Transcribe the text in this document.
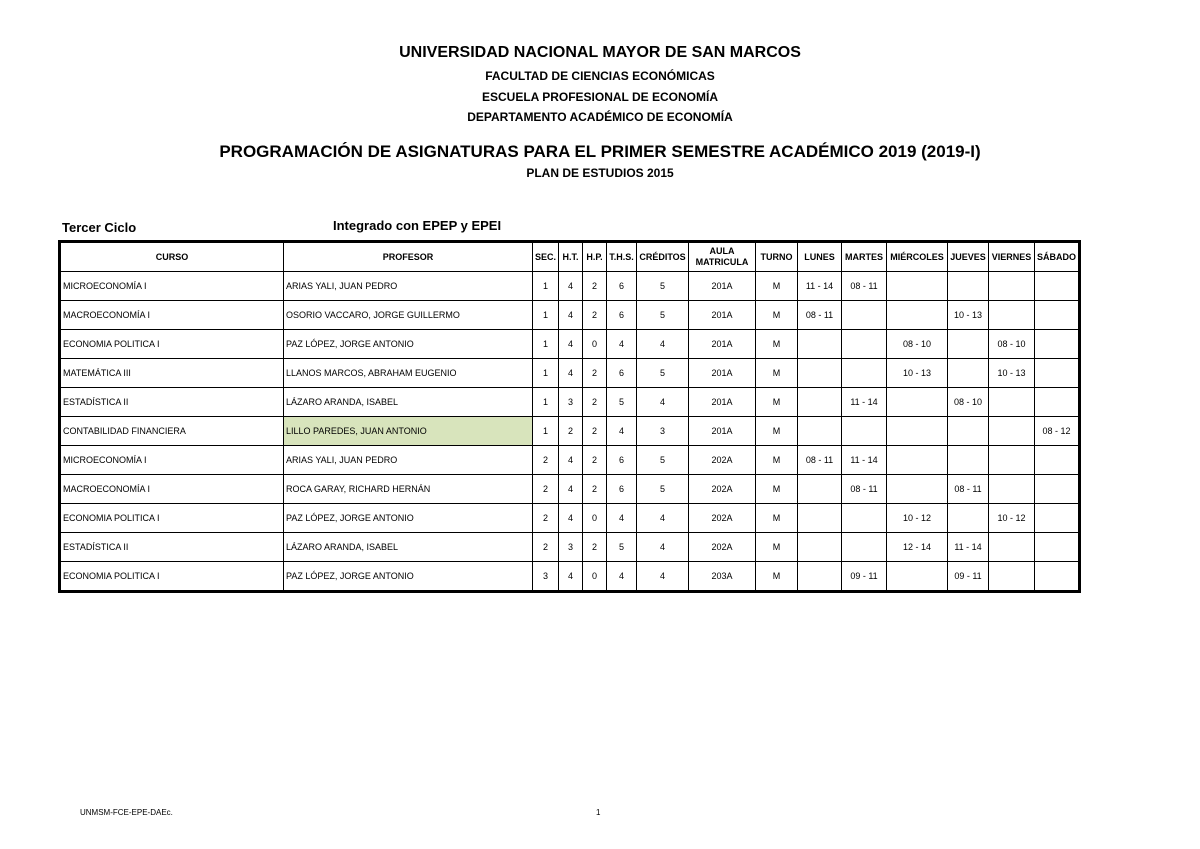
UNIVERSIDAD NACIONAL MAYOR DE SAN MARCOS
FACULTAD DE CIENCIAS ECONÓMICAS
ESCUELA PROFESIONAL DE ECONOMÍA
DEPARTAMENTO ACADÉMICO DE ECONOMÍA
PROGRAMACIÓN DE ASIGNATURAS PARA EL PRIMER SEMESTRE ACADÉMICO 2019 (2019-I)
PLAN DE ESTUDIOS 2015
Tercer Ciclo	Integrado con EPEP y EPEI
CURSO	PROFESOR	SEC.	H.T.	H.P.	T.H.S.	CRÉDITOS	AULA MATRICULA	TURNO	LUNES	MARTES	MIÉRCOLES	JUEVES	VIERNES	SÁBADO
MICROECONOMÍA I	ARIAS YALI, JUAN PEDRO	1	4	2	6	5	201A	M	11 - 14	08 - 11				
MACROECONOMÍA I	OSORIO VACCARO, JORGE GUILLERMO	1	4	2	6	5	201A	M	08 - 11			10 - 13		
ECONOMIA POLITICA I	PAZ LÓPEZ, JORGE ANTONIO	1	4	0	4	4	201A	M			08 - 10		08 - 10	
MATEMÁTICA III	LLANOS MARCOS, ABRAHAM EUGENIO	1	4	2	6	5	201A	M			10 - 13		10 - 13	
ESTADÍSTICA II	LÁZARO ARANDA, ISABEL	1	3	2	5	4	201A	M		11 - 14		08 - 10		
CONTABILIDAD FINANCIERA	LILLO PAREDES, JUAN ANTONIO	1	2	2	4	3	201A	M						08 - 12
MICROECONOMÍA I	ARIAS YALI, JUAN PEDRO	2	4	2	6	5	202A	M	08 - 11	11 - 14				
MACROECONOMÍA I	ROCA GARAY, RICHARD HERNÁN	2	4	2	6	5	202A	M		08 - 11		08 - 11		
ECONOMIA POLITICA I	PAZ LÓPEZ, JORGE ANTONIO	2	4	0	4	4	202A	M			10 - 12		10 - 12	
ESTADÍSTICA II	LÁZARO ARANDA, ISABEL	2	3	2	5	4	202A	M			12 - 14	11 - 14		
ECONOMIA POLITICA I	PAZ LÓPEZ, JORGE ANTONIO	3	4	0	4	4	203A	M		09 - 11		09 - 11		
UNMSM-FCE-EPE-DAEc.	1
